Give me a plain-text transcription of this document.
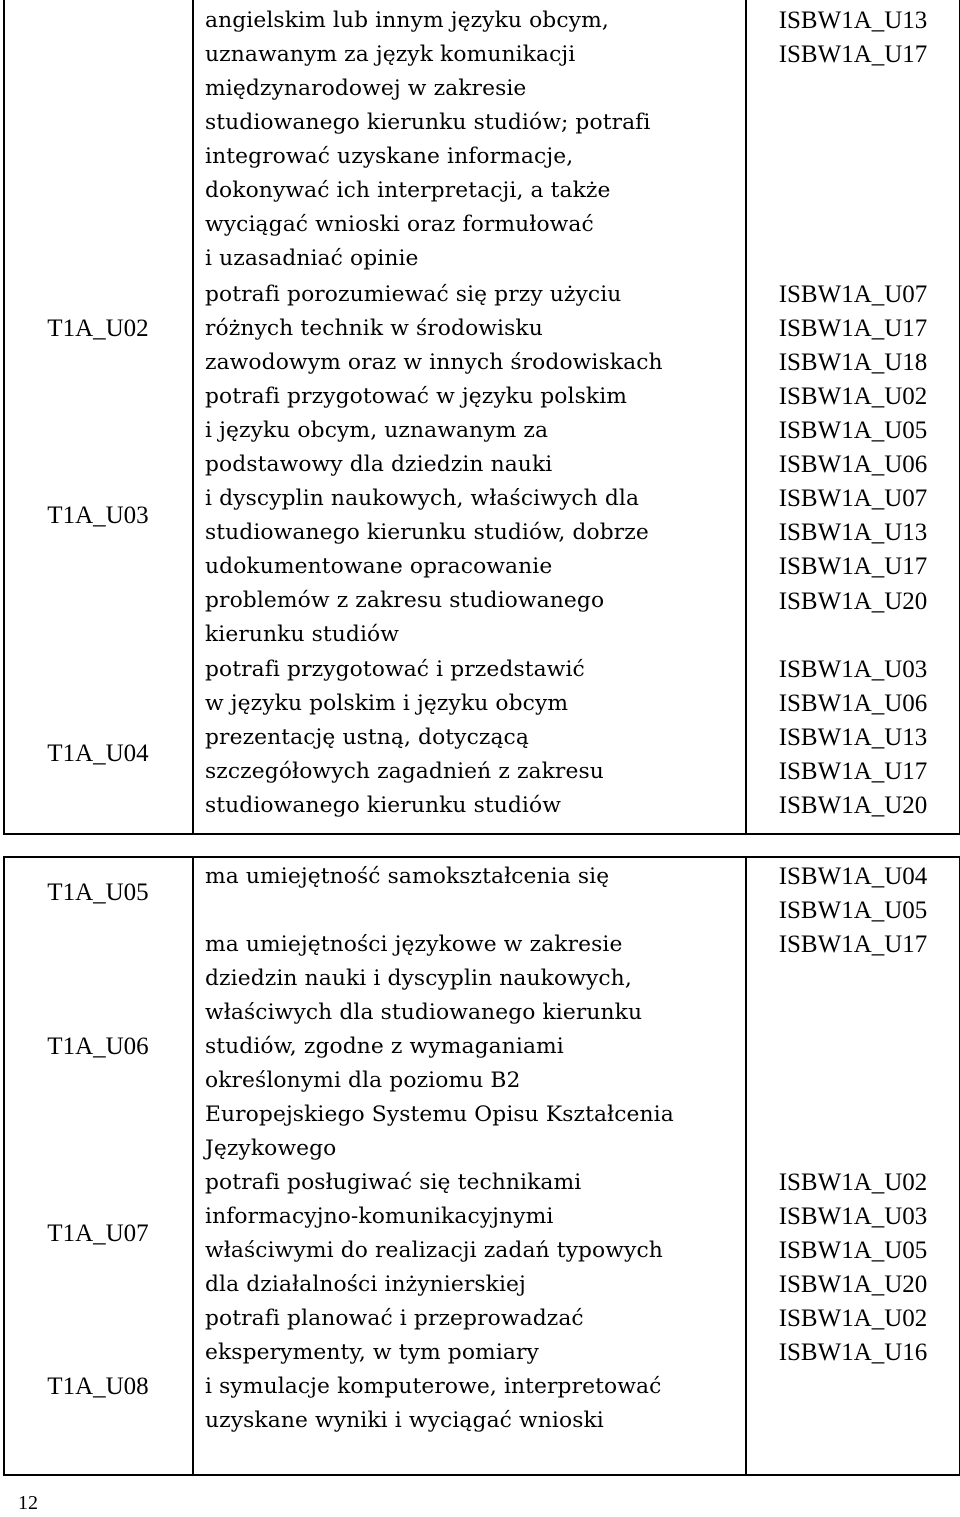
angielskim lub innym języku obcym,
uznawanym za język komunikacji
międzynarodowej w zakresie
studiowanego kierunku studiów; potrafi
integrować uzyskane informacje,
dokonywać ich interpretacji, a także
wyciągać wnioski oraz formułować
i uzasadniać opinie
ISBW1A_U13
ISBW1A_U17
T1A_U02
potrafi porozumiewać się przy użyciu
różnych technik w środowisku
zawodowym oraz w innych środowiskach
ISBW1A_U07
ISBW1A_U17
ISBW1A_U18
T1A_U03
potrafi przygotować w języku polskim
i języku obcym, uznawanym za
podstawowy dla dziedzin nauki
i dyscyplin naukowych, właściwych dla
studiowanego kierunku studiów, dobrze
udokumentowane opracowanie
problemów z zakresu studiowanego
kierunku studiów
ISBW1A_U02
ISBW1A_U05
ISBW1A_U06
ISBW1A_U07
ISBW1A_U13
ISBW1A_U17
ISBW1A_U20
T1A_U04
potrafi przygotować i przedstawić
w języku polskim i języku obcym
prezentację ustną, dotyczącą
szczegółowych zagadnień z zakresu
studiowanego kierunku studiów
ISBW1A_U03
ISBW1A_U06
ISBW1A_U13
ISBW1A_U17
ISBW1A_U20
T1A_U05
ma umiejętność samokształcenia się	ISBW1A_U04
ISBW1A_U05
T1A_U06
ma umiejętności językowe w zakresie
dziedzin nauki i dyscyplin naukowych,
właściwych dla studiowanego kierunku
studiów, zgodne z wymaganiami
określonymi dla poziomu B2
Europejskiego Systemu Opisu Kształcenia
Językowego
ISBW1A_U17
T1A_U07
potrafi posługiwać się technikami
informacyjno-komunikacyjnymi
właściwymi do realizacji zadań typowych
dla działalności inżynierskiej
ISBW1A_U02
ISBW1A_U03
ISBW1A_U05
ISBW1A_U20
T1A_U08
potrafi planować i przeprowadzać
eksperymenty, w tym pomiary
i symulacje komputerowe, interpretować
uzyskane wyniki i wyciągać wnioski
ISBW1A_U02
ISBW1A_U16
12
